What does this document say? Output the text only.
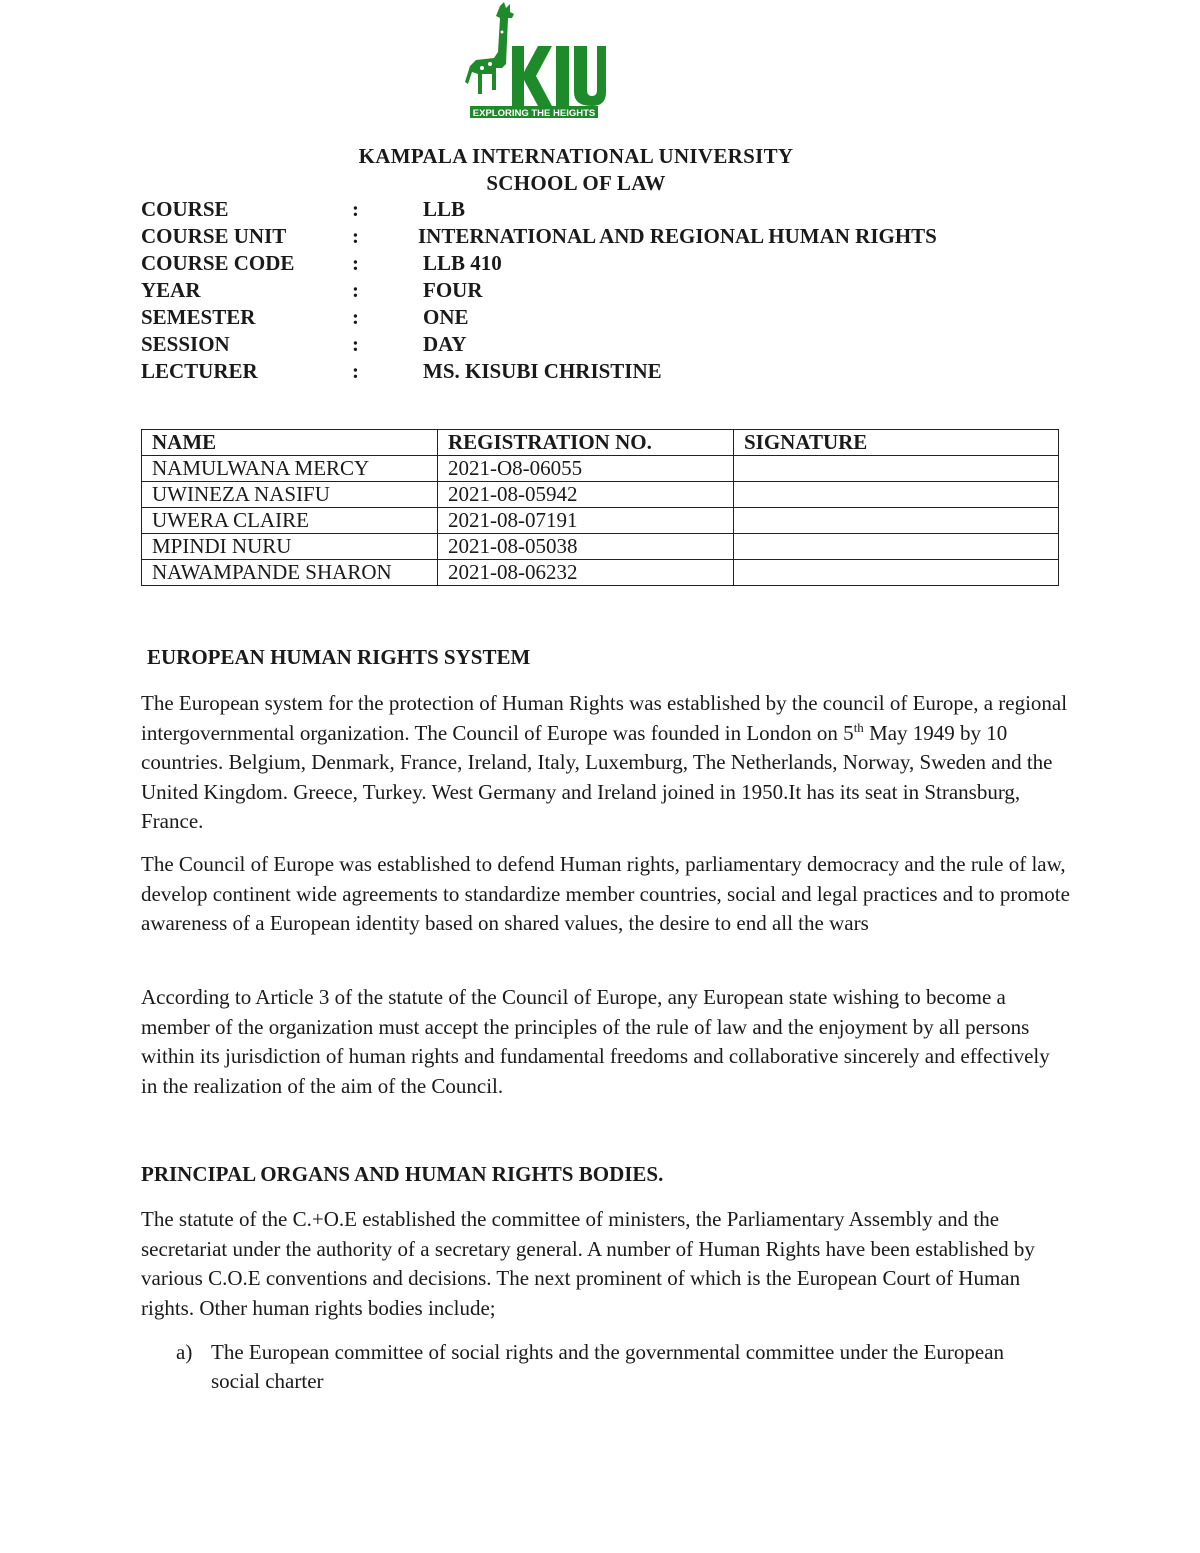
EXPLORING THE HEIGHTS
KAMPALA INTERNATIONAL UNIVERSITY
SCHOOL OF LAW
COURSE	:	LLB
COURSE UNIT	:	INTERNATIONAL AND REGIONAL HUMAN RIGHTS
COURSE CODE	:	LLB 410
YEAR	:	FOUR
SEMESTER	:	ONE
SESSION	:	DAY
LECTURER	:	MS. KISUBI CHRISTINE
NAME	REGISTRATION NO.	SIGNATURE
NAMULWANA MERCY	2021-O8-06055	
UWINEZA NASIFU	2021-08-05942	
UWERA CLAIRE	2021-08-07191	
MPINDI NURU	2021-08-05038	
NAWAMPANDE SHARON	2021-08-06232	
EUROPEAN HUMAN RIGHTS SYSTEM

The European system for the protection of Human Rights was established by the council of Europe, a regional intergovernmental organization. The Council of Europe was founded in London on 5th May 1949 by 10 countries. Belgium, Denmark, France, Ireland, Italy, Luxemburg, The Netherlands, Norway, Sweden and the United Kingdom. Greece, Turkey. West Germany and Ireland joined in 1950.It has its seat in Stransburg, France.

The Council of Europe was established to defend Human rights, parliamentary democracy and the rule of law, develop continent wide agreements to standardize member countries, social and legal practices and to promote awareness of a European identity based on shared values, the desire to end all the wars

According to Article 3 of the statute of the Council of Europe, any European state wishing to become a member of the organization must accept the principles of the rule of law and the enjoyment by all persons within its jurisdiction of human rights and fundamental freedoms and collaborative sincerely and effectively in the realization of the aim of the Council.

PRINCIPAL ORGANS AND HUMAN RIGHTS BODIES.

The statute of the C.+O.E established the committee of ministers, the Parliamentary Assembly and the secretariat under the authority of a secretary general. A number of Human Rights have been established by various C.O.E conventions and decisions. The next prominent of which is the European Court of Human rights. Other human rights bodies include;

a) The European committee of social rights and the governmental committee under the European social charter
